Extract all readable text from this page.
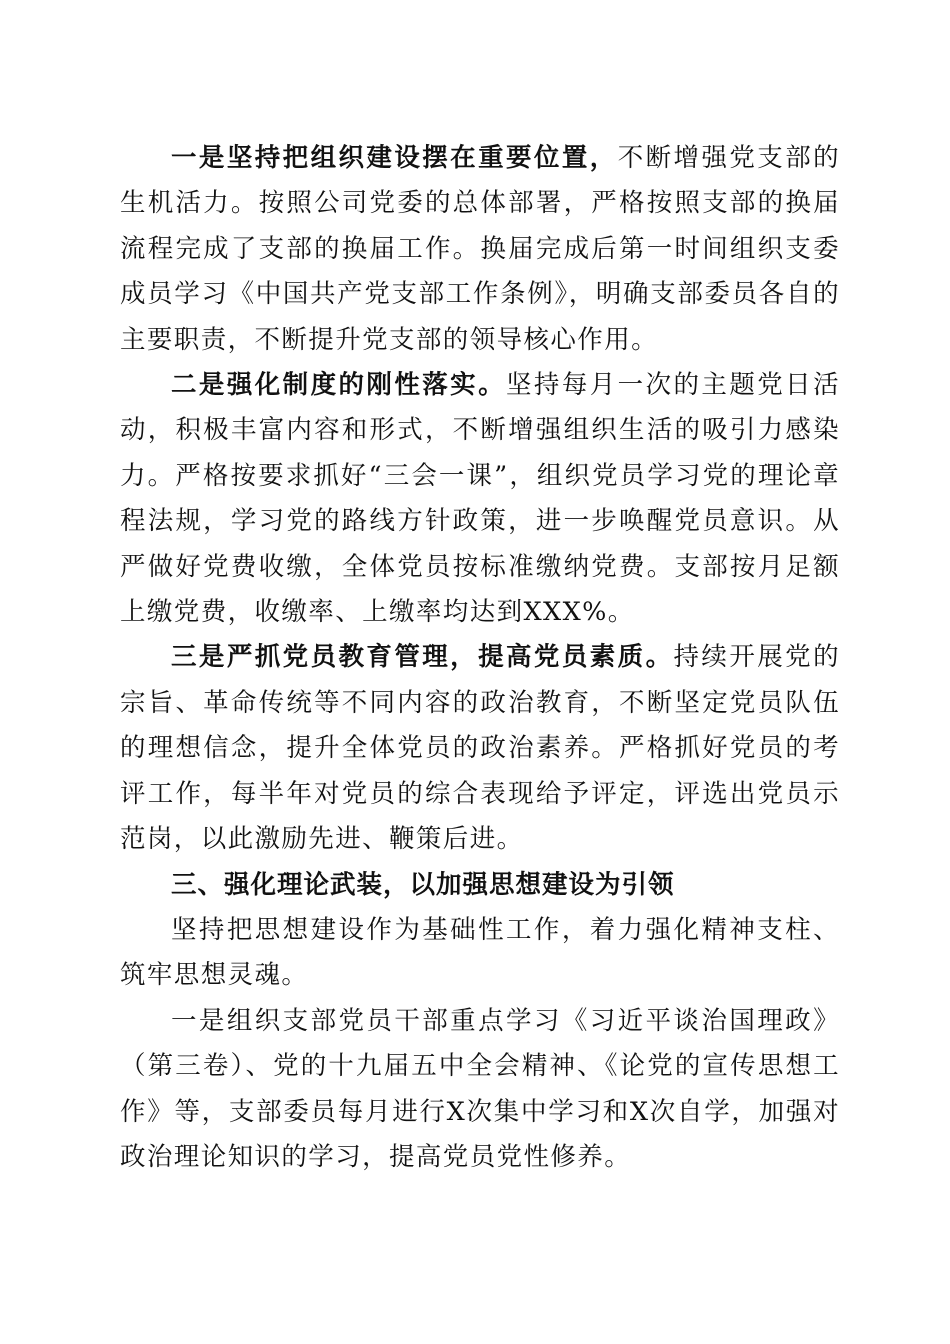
一是坚持把组织建设摆在重要位置，不断增强党支部的生机活力。按照公司党委的总体部署，严格按照支部的换届流程完成了支部的换届工作。换届完成后第一时间组织支委成员学习《中国共产党支部工作条例》，明确支部委员各自的主要职责，不断提升党支部的领导核心作用。

二是强化制度的刚性落实。坚持每月一次的主题党日活动，积极丰富内容和形式，不断增强组织生活的吸引力感染力。严格按要求抓好“三会一课”，组织党员学习党的理论章程法规，学习党的路线方针政策，进一步唤醒党员意识。从严做好党费收缴，全体党员按标准缴纳党费。支部按月足额上缴党费，收缴率、上缴率均达到XXX%。

三是严抓党员教育管理，提高党员素质。持续开展党的宗旨、革命传统等不同内容的政治教育，不断坚定党员队伍的理想信念，提升全体党员的政治素养。严格抓好党员的考评工作，每半年对党员的综合表现给予评定，评选出党员示范岗，以此激励先进、鞭策后进。

三、强化理论武装，以加强思想建设为引领

坚持把思想建设作为基础性工作，着力强化精神支柱、筑牢思想灵魂。

一是组织支部党员干部重点学习《习近平谈治国理政》（第三卷）、党的十九届五中全会精神、《论党的宣传思想工作》等，支部委员每月进行X次集中学习和X次自学，加强对政治理论知识的学习，提高党员党性修养。
